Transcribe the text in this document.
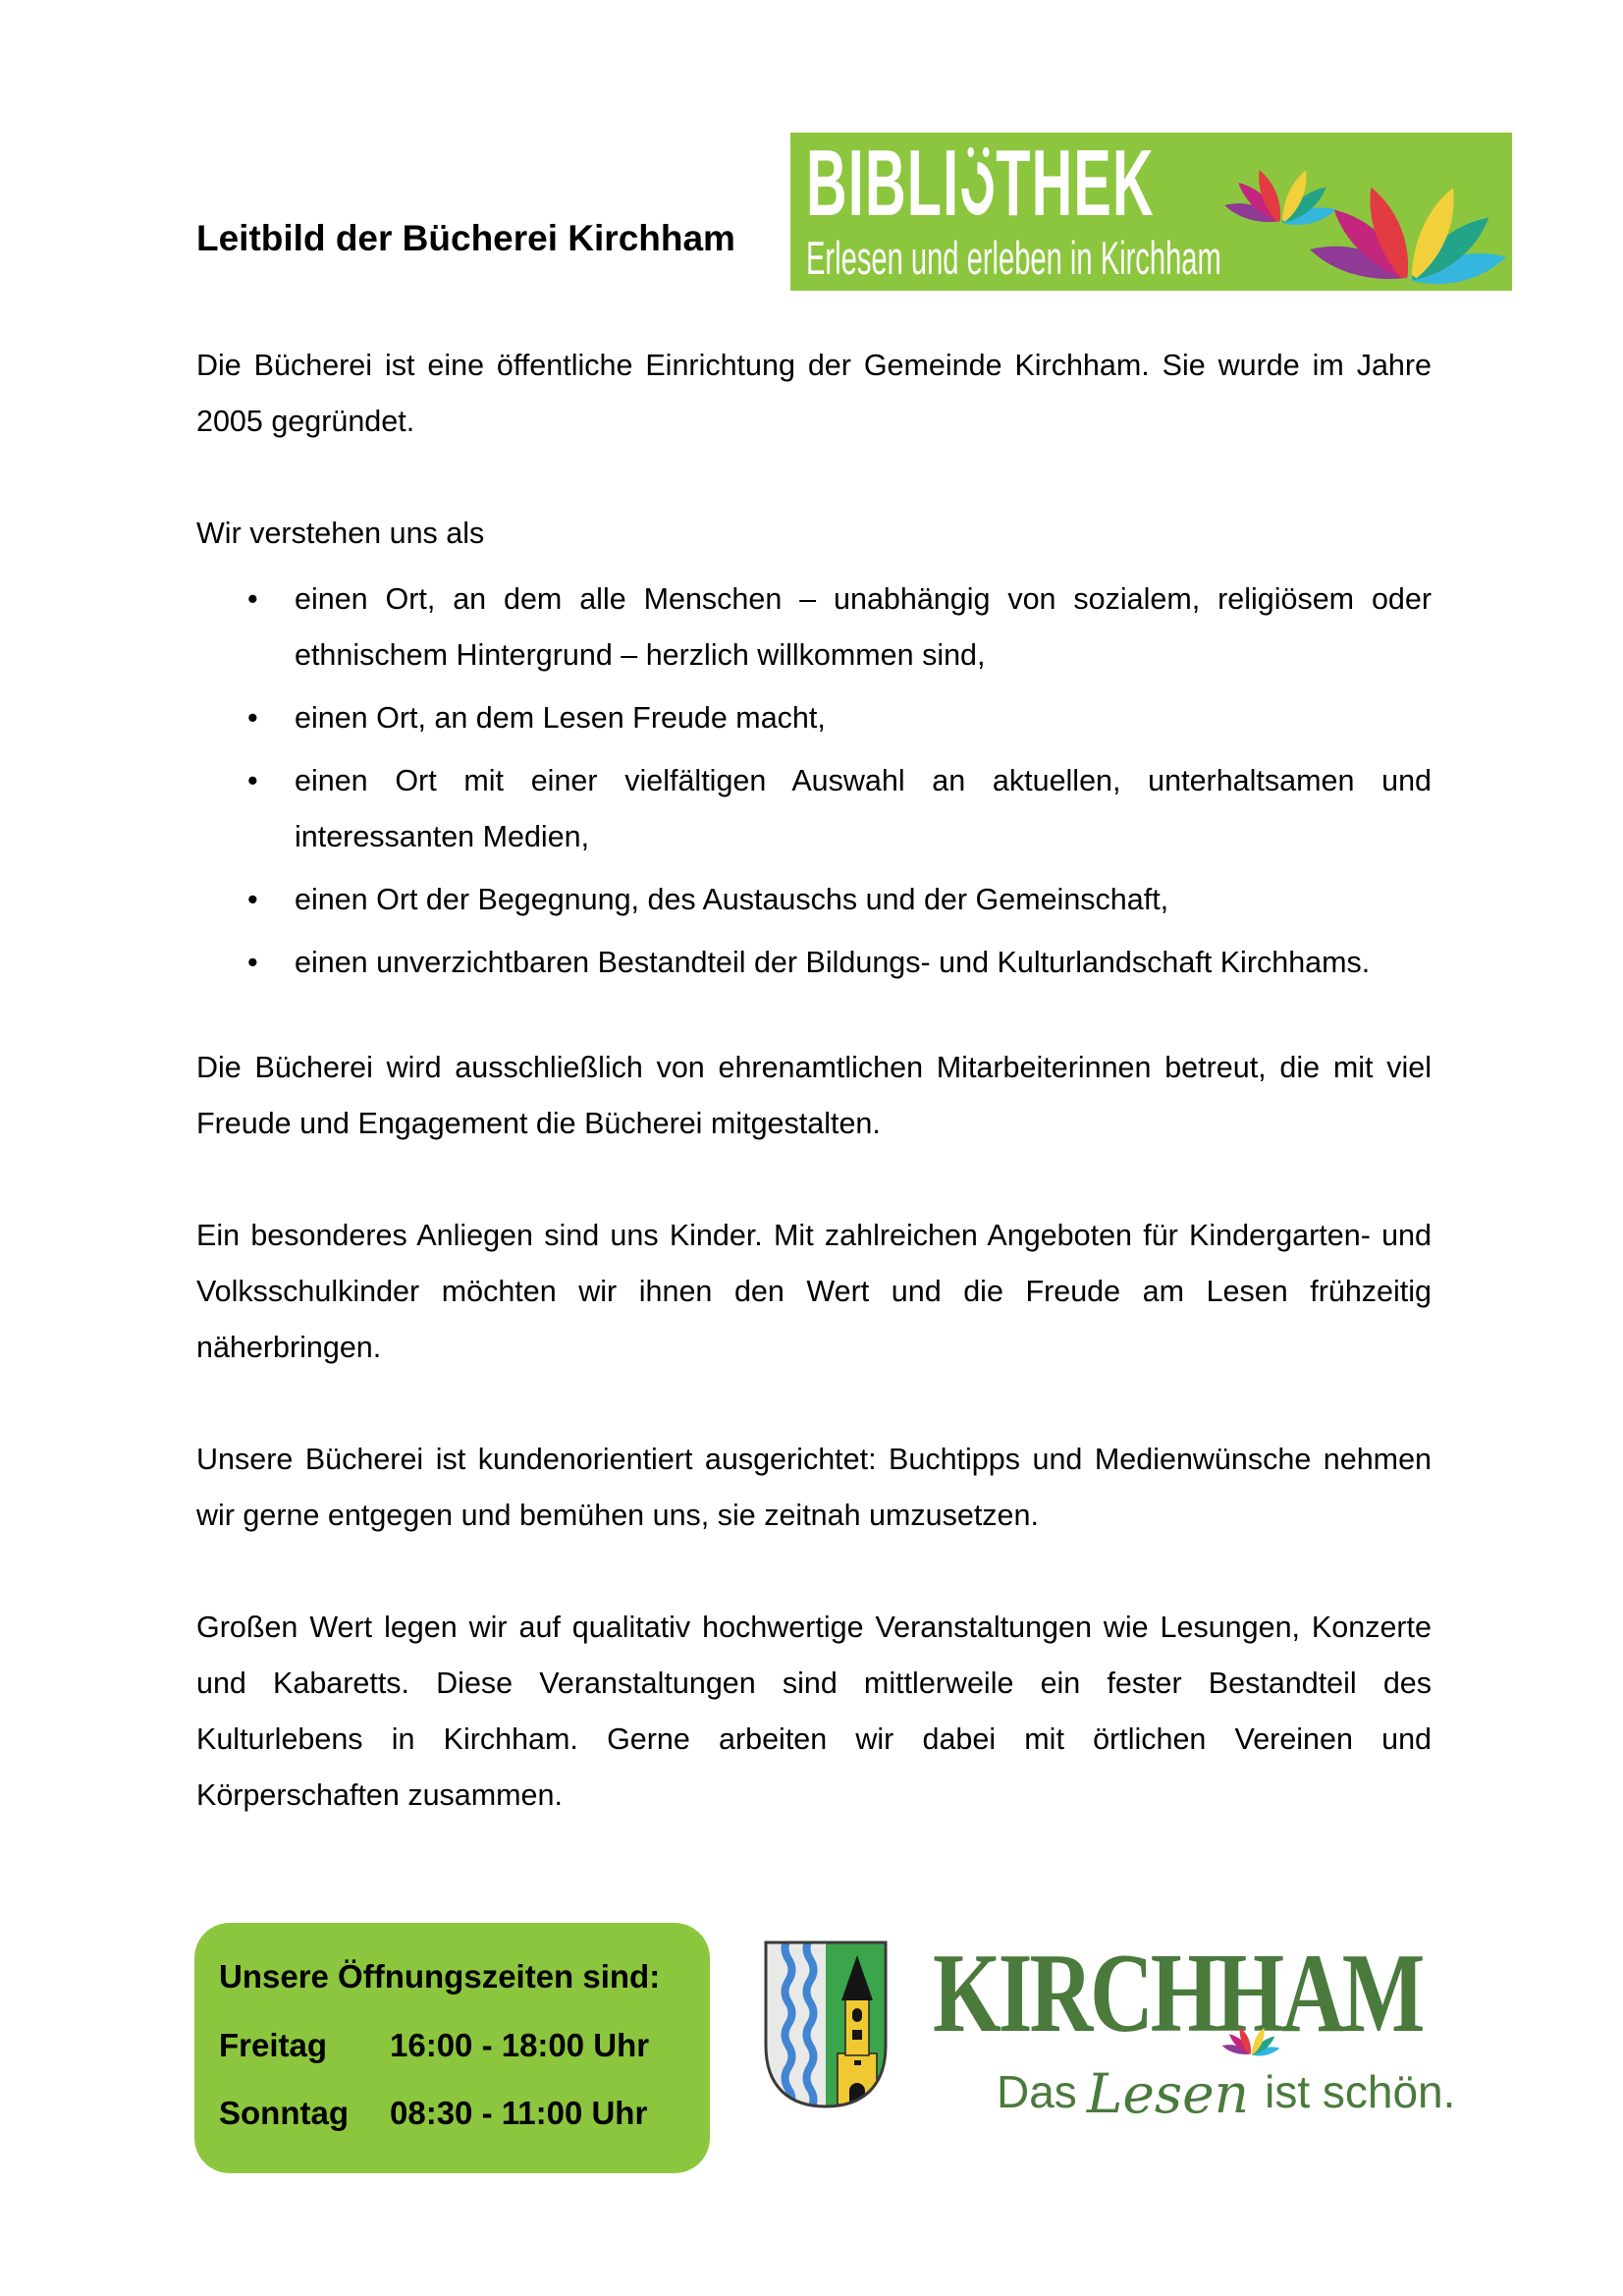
Leitbild der Bücherei Kirchham
BIBLI THEK
Erlesen und erleben in Kirchham

Die Bücherei ist eine öffentliche Einrichtung der Gemeinde Kirchham. Sie wurde im Jahre 2005 gegründet.

Wir verstehen uns als

• einen Ort, an dem alle Menschen – unabhängig von sozialem, religiösem oder ethnischem Hintergrund – herzlich willkommen sind,
• einen Ort, an dem Lesen Freude macht,
• einen Ort mit einer vielfältigen Auswahl an aktuellen, unterhaltsamen und interessanten Medien,
• einen Ort der Begegnung, des Austauschs und der Gemeinschaft,
• einen unverzichtbaren Bestandteil der Bildungs- und Kulturlandschaft Kirchhams.

Die Bücherei wird ausschließlich von ehrenamtlichen Mitarbeiterinnen betreut, die mit viel Freude und Engagement die Bücherei mitgestalten.

Ein besonderes Anliegen sind uns Kinder. Mit zahlreichen Angeboten für Kindergarten- und Volksschulkinder möchten wir ihnen den Wert und die Freude am Lesen frühzeitig näherbringen.

Unsere Bücherei ist kundenorientiert ausgerichtet: Buchtipps und Medienwünsche nehmen wir gerne entgegen und bemühen uns, sie zeitnah umzusetzen.

Großen Wert legen wir auf qualitativ hochwertige Veranstaltungen wie Lesungen, Konzerte und Kabaretts. Diese Veranstaltungen sind mittlerweile ein fester Bestandteil des Kulturlebens in Kirchham. Gerne arbeiten wir dabei mit örtlichen Vereinen und Körperschaften zusammen.

Unsere Öffnungszeiten sind:
Freitag 16:00 - 18:00 Uhr
Sonntag 08:30 - 11:00 Uhr
KIRCHHAM
Das Lesen ist schön.
